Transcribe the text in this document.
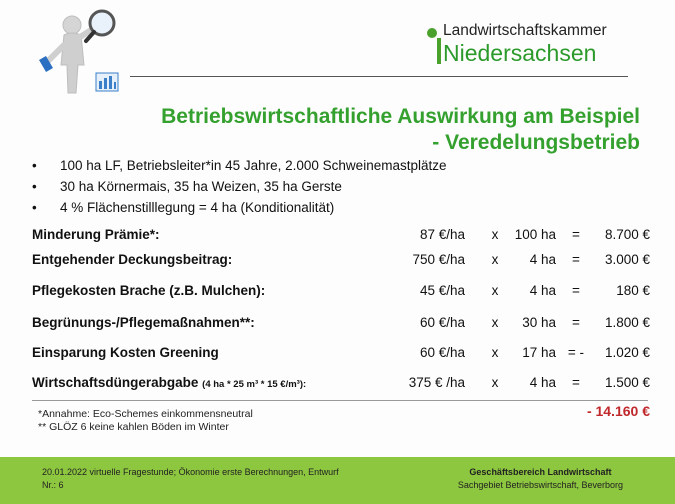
Landwirtschaftskammer
Niedersachsen
Betriebswirtschaftliche Auswirkung am Beispiel
- Veredelungsbetrieb
• 100 ha LF, Betriebsleiter*in 45 Jahre, 2.000 Schweinemastplätze
• 30 ha Körnermais, 35 ha Weizen, 35 ha Gerste
• 4 % Flächenstilllegung = 4 ha (Konditionalität)
Minderung Prämie*:	87 €/ha x	100 ha	=	8.700 €
Entgehender Deckungsbeitrag:	750 €/ha x	4 ha	=	3.000 €
Pflegekosten Brache (z.B. Mulchen):	45 €/ha x	4 ha	=	180 €
Begrünungs-/Pflegemaßnahmen**:	60 €/ha x	30 ha	=	1.800 €
Einsparung Kosten Greening	60 €/ha x	17 ha = -	1.020 €
Wirtschaftsdüngerabgabe (4 ha * 25 m³ * 15 €/m³):	375 € /ha x	4 ha	=	1.500 €
*Annahme: Eco-Schemes einkommensneutral
** GLÖZ 6 keine kahlen Böden im Winter
- 14.160 €
20.01.2022 virtuelle Fragestunde; Ökonomie erste Berechnungen, Entwurf
Nr.: 6
Geschäftsbereich Landwirtschaft
Sachgebiet Betriebswirtschaft, Beverborg
